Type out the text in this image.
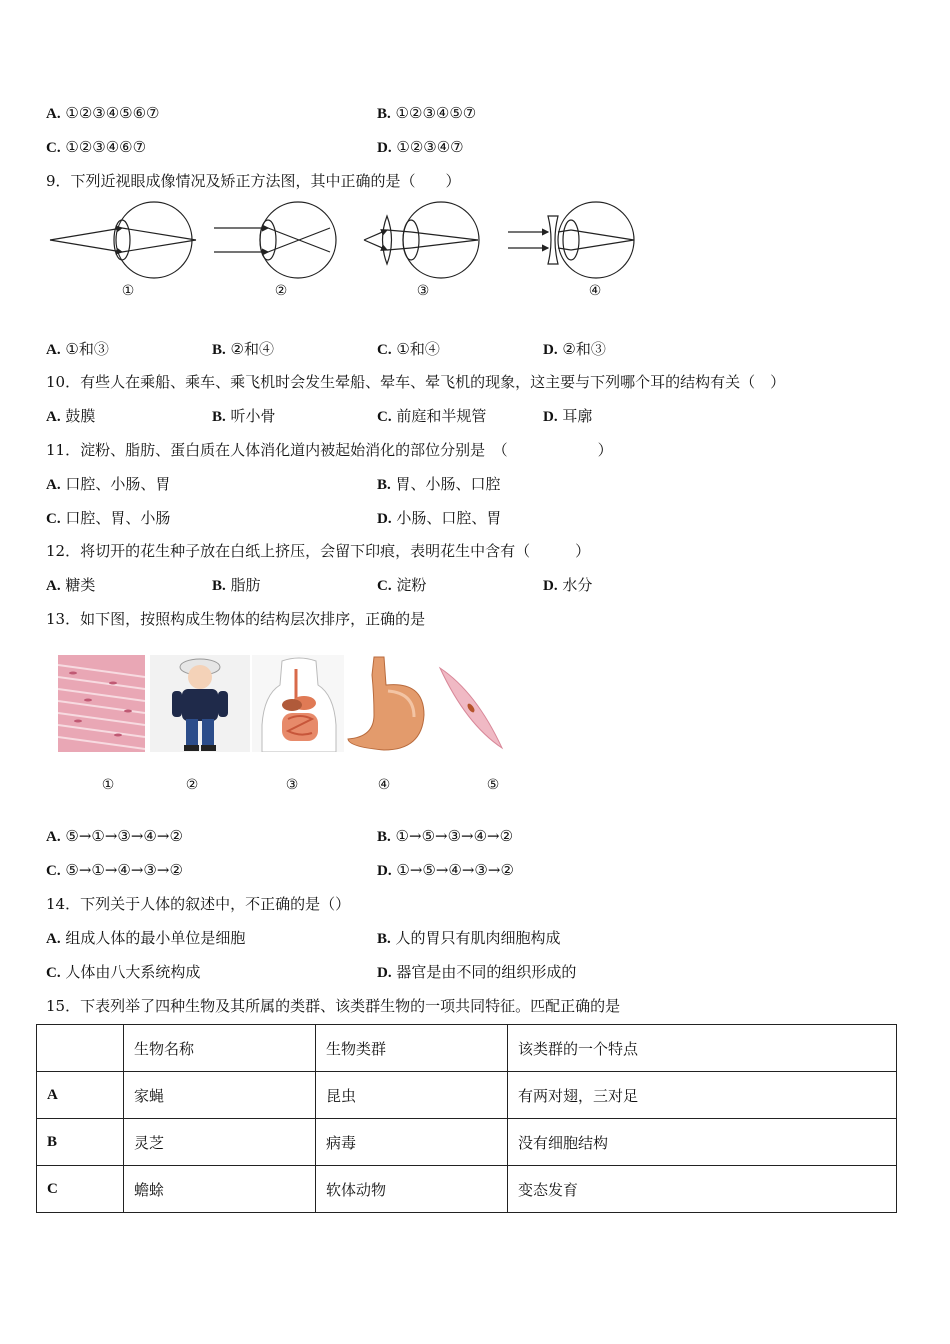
A. ①②③④⑤⑥⑦	B. ①②③④⑤⑦
C. ①②③④⑥⑦	D. ①②③④⑦
9．下列近视眼成像情况及矫正方法图，其中正确的是（　　）
①	②	③	④
A. ①和③	B. ②和④	C. ①和④	D. ②和③
10．有些人在乘船、乘车、乘飞机时会发生晕船、晕车、晕飞机的现象，这主要与下列哪个耳的结构有关（　）
A. 鼓膜	B. 听小骨	C. 前庭和半规管	D. 耳廓
11．淀粉、脂肪、蛋白质在人体消化道内被起始消化的部位分别是　（　　　　　　）
A. 口腔、小肠、胃	B. 胃、小肠、口腔
C. 口腔、胃、小肠	D. 小肠、口腔、胃
12．将切开的花生种子放在白纸上挤压，会留下印痕，表明花生中含有（　　　）
A. 糖类	B. 脂肪	C. 淀粉	D. 水分
13．如下图，按照构成生物体的结构层次排序，正确的是
①	②	③	④	⑤
A. ⑤→①→③→④→②	B. ①→⑤→③→④→②
C. ⑤→①→④→③→②	D. ①→⑤→④→③→②
14．下列关于人体的叙述中，不正确的是（）
A. 组成人体的最小单位是细胞	B. 人的胃只有肌肉细胞构成
C. 人体由八大系统构成	D. 器官是由不同的组织形成的
15．下表列举了四种生物及其所属的类群、该类群生物的一项共同特征。匹配正确的是
	生物名称	生物类群	该类群的一个特点
A	家蝇	昆虫	有两对翅，三对足
B	灵芝	病毒	没有细胞结构
C	蟾蜍	软体动物	变态发育
